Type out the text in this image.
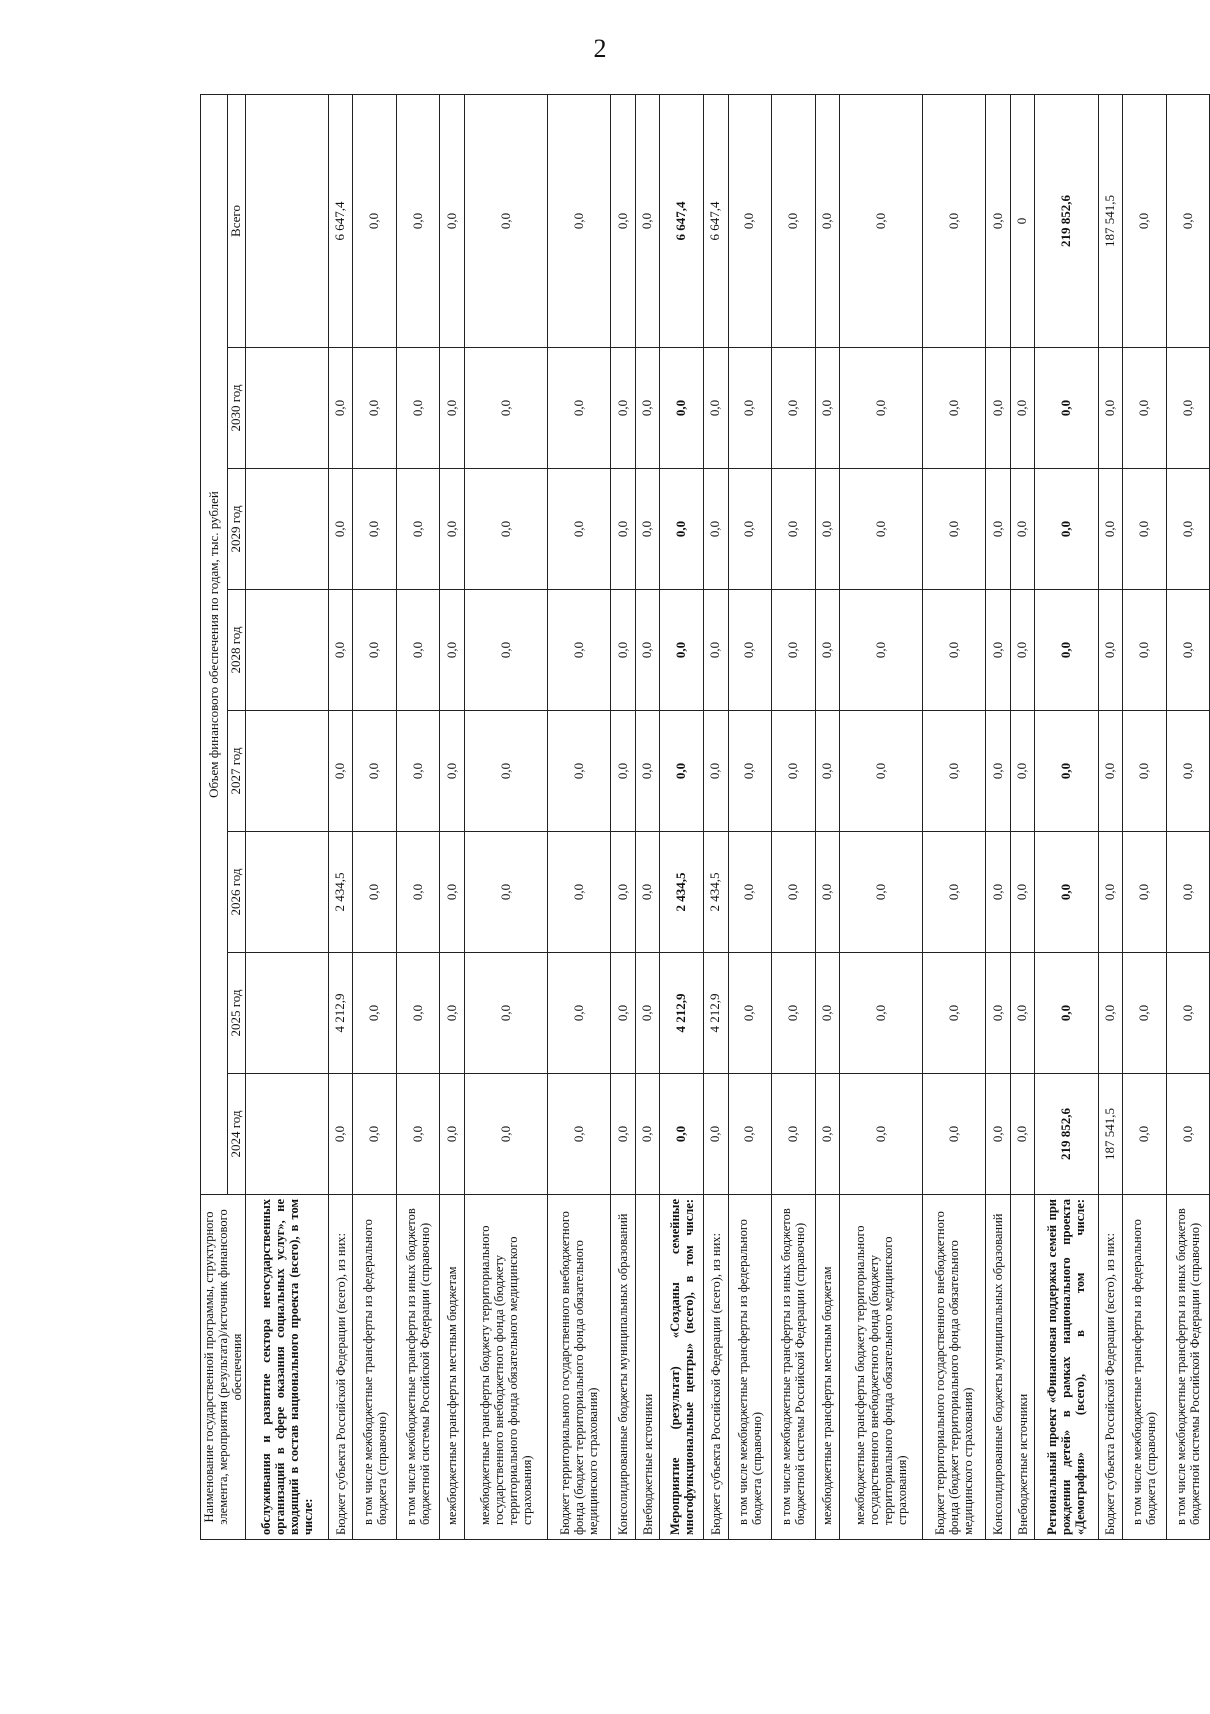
2
Наименование государственной программы, структурного элемента, мероприятия (результата)/источник финансового обеспечения	Объем финансового обеспечения по годам, тыс. рублей							
	2024 год	2025 год	2026 год	2027 год	2028 год	2029 год	2030 год	Всего
обслуживания и развитие сектора негосударственных организаций в сфере оказания социальных услуг», не входящий в состав национального проекта (всего), в том числе:								
Бюджет субъекта Российской Федерации (всего), из них:	0,0	4 212,9	2 434,5	0,0	0,0	0,0	0,0	6 647,4
в том числе межбюджетные трансферты из федерального бюджета (справочно)	0,0	0,0	0,0	0,0	0,0	0,0	0,0	0,0
в том числе межбюджетные трансферты из иных бюджетов бюджетной системы Российской Федерации (справочно)	0,0	0,0	0,0	0,0	0,0	0,0	0,0	0,0
межбюджетные трансферты местным бюджетам	0,0	0,0	0,0	0,0	0,0	0,0	0,0	0,0
межбюджетные трансферты бюджету территориального государственного внебюджетного фонда (бюджету территориального фонда обязательного медицинского страхования)	0,0	0,0	0,0	0,0	0,0	0,0	0,0	0,0
Бюджет территориального государственного внебюджетного фонда (бюджет территориального фонда обязательного медицинского страхования)	0,0	0,0	0,0	0,0	0,0	0,0	0,0	0,0
Консолидированные бюджеты муниципальных образований	0,0	0,0	0,0	0,0	0,0	0,0	0,0	0,0
Внебюджетные источники	0,0	0,0	0,0	0,0	0,0	0,0	0,0	0,0
Мероприятие (результат) «Созданы семейные многофункциональные центры» (всего), в том числе:	0,0	4 212,9	2 434,5	0,0	0,0	0,0	0,0	6 647,4
Бюджет субъекта Российской Федерации (всего), из них:	0,0	4 212,9	2 434,5	0,0	0,0	0,0	0,0	6 647,4
в том числе межбюджетные трансферты из федерального бюджета (справочно)	0,0	0,0	0,0	0,0	0,0	0,0	0,0	0,0
в том числе межбюджетные трансферты из иных бюджетов бюджетной системы Российской Федерации (справочно)	0,0	0,0	0,0	0,0	0,0	0,0	0,0	0,0
межбюджетные трансферты местным бюджетам	0,0	0,0	0,0	0,0	0,0	0,0	0,0	0,0
межбюджетные трансферты бюджету территориального государственного внебюджетного фонда (бюджету территориального фонда обязательного медицинского страхования)	0,0	0,0	0,0	0,0	0,0	0,0	0,0	0,0
Бюджет территориального государственного внебюджетного фонда (бюджет территориального фонда обязательного медицинского страхования)	0,0	0,0	0,0	0,0	0,0	0,0	0,0	0,0
Консолидированные бюджеты муниципальных образований	0,0	0,0	0,0	0,0	0,0	0,0	0,0	0,0
Внебюджетные источники	0,0	0,0	0,0	0,0	0,0	0,0	0,0	0
Региональный проект «Финансовая поддержка семей при рождении детей» в рамках национального проекта «Демография» (всего), в том числе:	219 852,6	0,0	0,0	0,0	0,0	0,0	0,0	219 852,6
Бюджет субъекта Российской Федерации (всего), из них:	187 541,5	0,0	0,0	0,0	0,0	0,0	0,0	187 541,5
в том числе межбюджетные трансферты из федерального бюджета (справочно)	0,0	0,0	0,0	0,0	0,0	0,0	0,0	0,0
в том числе межбюджетные трансферты из иных бюджетов бюджетной системы Российской Федерации (справочно)	0,0	0,0	0,0	0,0	0,0	0,0	0,0	0,0
